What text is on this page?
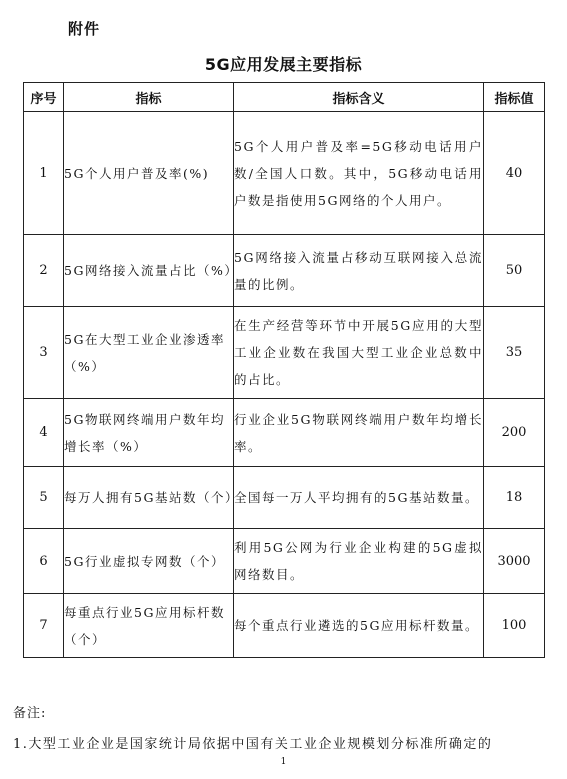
附件
5G应用发展主要指标
序号	指标	指标含义	指标值
1	5G个人用户普及率(%)	5G个人用户普及率=5G移动电话用户数/全国人口数。其中，5G移动电话用户数是指使用5G网络的个人用户。	40
2	5G网络接入流量占比（%）	5G网络接入流量占移动互联网接入总流量的比例。	50
3	5G在大型工业企业渗透率（%）	在生产经营等环节中开展5G应用的大型工业企业数在我国大型工业企业总数中的占比。	35
4	5G物联网终端用户数年均增长率（%）	行业企业5G物联网终端用户数年均增长率。	200
5	每万人拥有5G基站数（个）	全国每一万人平均拥有的5G基站数量。	18
6	5G行业虚拟专网数（个）	利用5G公网为行业企业构建的5G虚拟网络数目。	3000
7	每重点行业5G应用标杆数（个）	每个重点行业遴选的5G应用标杆数量。	100
备注:
1.大型工业企业是国家统计局依据中国有关工业企业规模划分标准所确定的
1
